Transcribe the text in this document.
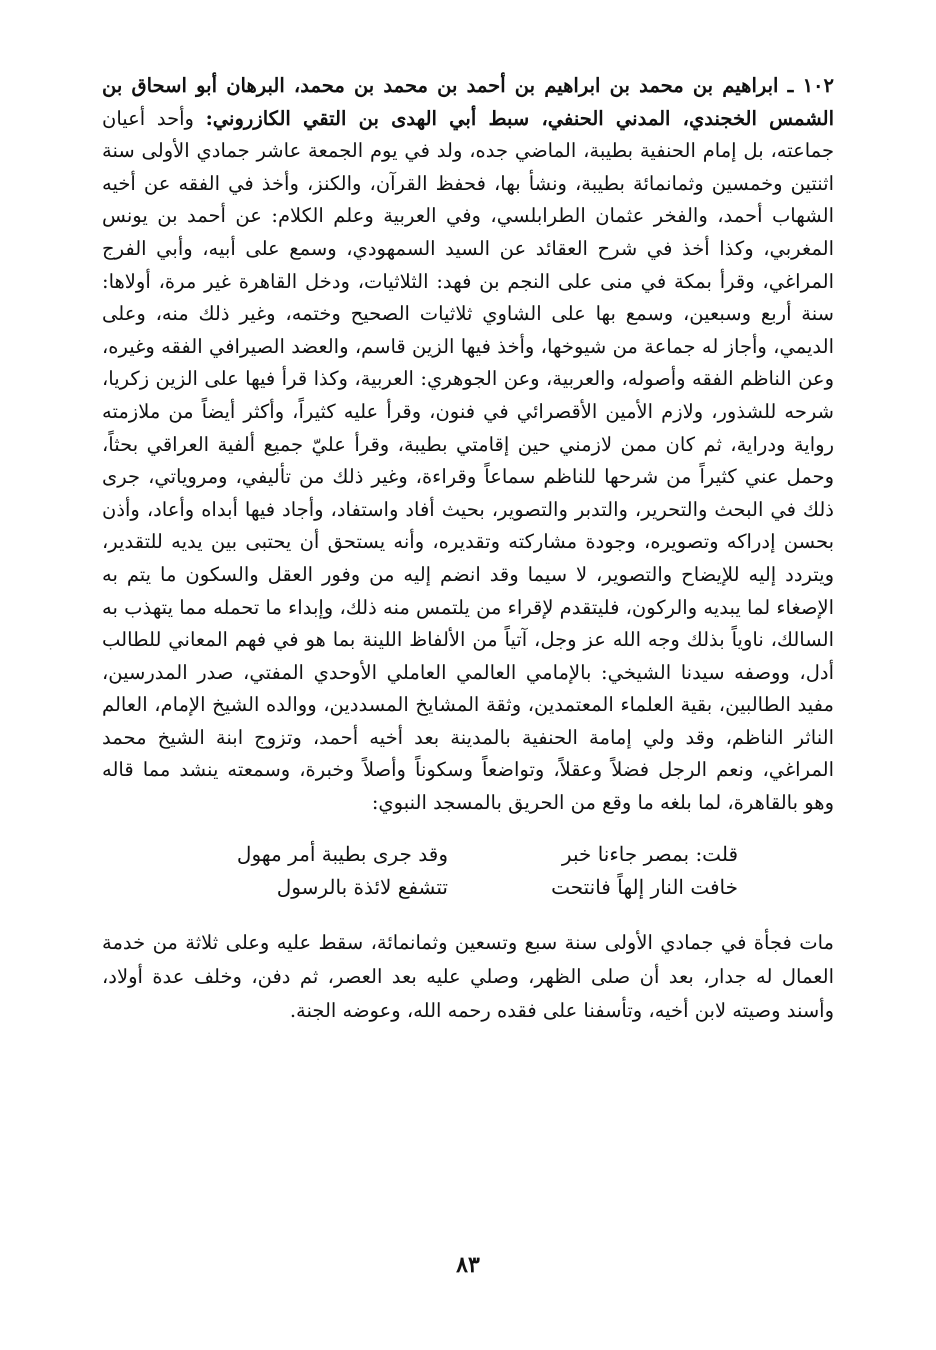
١٠٢ ـ ابراهيم بن محمد بن ابراهيم بن أحمد بن محمد بن محمد، البرهان أبو اسحاق بن الشمس الخجندي، المدني الحنفي، سبط أبي الهدى بن التقي الكازروني: وأحد أعيان جماعته، بل إمام الحنفية بطيبة، الماضي جده، ولد في يوم الجمعة عاشر جمادي الأولى سنة اثنتين وخمسين وثمانمائة بطيبة، ونشأ بها، فحفظ القرآن، والكنز، وأخذ في الفقه عن أخيه الشهاب أحمد، والفخر عثمان الطرابلسي، وفي العربية وعلم الكلام: عن أحمد بن يونس المغربي، وكذا أخذ في شرح العقائد عن السيد السمهودي، وسمع على أبيه، وأبي الفرج المراغي، وقرأ بمكة في منى على النجم بن فهد: الثلاثيات، ودخل القاهرة غير مرة، أولاها: سنة أربع وسبعين، وسمع بها على الشاوي ثلاثيات الصحيح وختمه، وغير ذلك منه، وعلى الديمي، وأجاز له جماعة من شيوخها، وأخذ فيها الزين قاسم، والعضد الصيرافي الفقه وغيره، وعن الناظم الفقه وأصوله، والعربية، وعن الجوهري: العربية، وكذا قرأ فيها على الزين زكريا، شرحه للشذور، ولازم الأمين الأقصرائي في فنون، وقرأ عليه كثيراً، وأكثر أيضاً من ملازمته رواية ودراية، ثم كان ممن لازمني حين إقامتي بطيبة، وقرأ عليّ جميع ألفية العراقي بحثاً، وحمل عني كثيراً من شرحها للناظم سماعاً وقراءة، وغير ذلك من تأليفي، ومروياتي، جرى ذلك في البحث والتحرير، والتدبر والتصوير، بحيث أفاد واستفاد، وأجاد فيها أبداه وأعاد، وأذن بحسن إدراكه وتصويره، وجودة مشاركته وتقديره، وأنه يستحق أن يحتبى بين يديه للتقدير، ويتردد إليه للإيضاح والتصوير، لا سيما وقد انضم إليه من وفور العقل والسكون ما يتم به الإصغاء لما يبديه والركون، فليتقدم لإقراء من يلتمس منه ذلك، وإبداء ما تحمله مما يتهذب به السالك، ناوياً بذلك وجه الله عز وجل، آتياً من الألفاظ اللينة بما هو في فهم المعاني للطالب أدل، ووصفه سيدنا الشيخي: بالإمامي العالمي العاملي الأوحدي المفتي، صدر المدرسين، مفيد الطالبين، بقية العلماء المعتمدين، وثقة المشايخ المسددين، ووالده الشيخ الإمام، العالم الناثر الناظم، وقد ولي إمامة الحنفية بالمدينة بعد أخيه أحمد، وتزوج ابنة الشيخ محمد المراغي، ونعم الرجل فضلاً وعقلاً، وتواضعاً وسكوناً وأصلاً وخبرة، وسمعته ينشد مما قاله وهو بالقاهرة، لما بلغه ما وقع من الحريق بالمسجد النبوي:

قلت: بمصر جاءنا خبر
وقد جرى بطيبة أمر مهول
خافت النار إلهاً فانتحت
تتشفع لائذة بالرسول

مات فجأة في جمادي الأولى سنة سبع وتسعين وثمانمائة، سقط عليه وعلى ثلاثة من خدمة العمال له جدار، بعد أن صلى الظهر، وصلي عليه بعد العصر، ثم دفن، وخلف عدة أولاد، وأسند وصيته لابن أخيه، وتأسفنا على فقده رحمه الله، وعوضه الجنة.

٨٣
